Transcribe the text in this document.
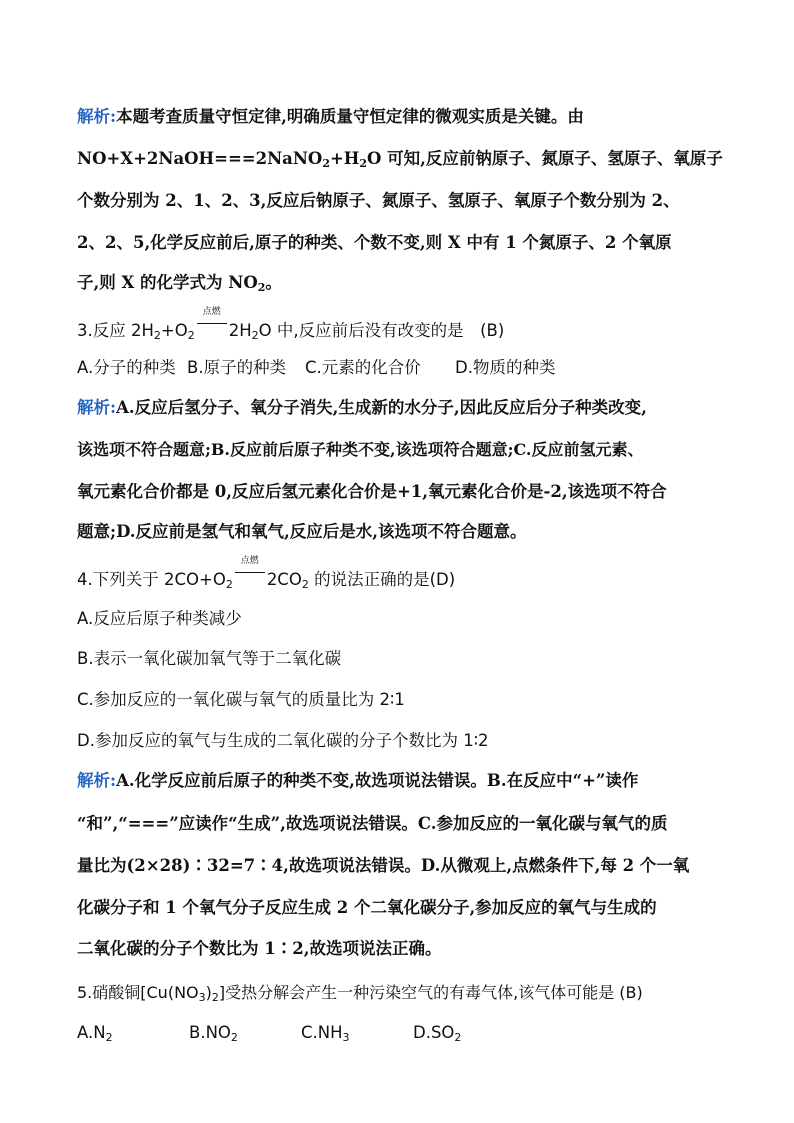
解析:本题考查质量守恒定律,明确质量守恒定律的微观实质是关键。由
$NO+X+2NaOH===2NaNO_2+H_2O$ 可知,反应前钠原子、氮原子、氢原子、氧原子
个数分别为 2、1、2、3,反应后钠原子、氮原子、氢原子、氧原子个数分别为 2、
2、2、5,化学反应前后,原子的种类、个数不变,则 X 中有 1 个氮原子、2 个氧原
子,则 X 的化学式为 $NO_2$。
3.反应 $2H_2+O_2$
点燃
$2H_2O$ 中,反应前后没有改变的是　(B)
A.分子的种类 B.原子的种类 C.元素的化合价 D.物质的种类
解析:A.反应后氢分子、氧分子消失,生成新的水分子,因此反应后分子种类改变,
该选项不符合题意;B.反应前后原子种类不变,该选项符合题意;C.反应前氢元素、
氧元素化合价都是 0,反应后氢元素化合价是+1,氧元素化合价是-2,该选项不符合
题意;D.反应前是氢气和氧气,反应后是水,该选项不符合题意。
4.下列关于 $2CO+O_2$
点燃
$2CO_2$ 的说法正确的是(D)
A.反应后原子种类减少
B.表示一氧化碳加氧气等于二氧化碳
C.参加反应的一氧化碳与氧气的质量比为 2∶1
D.参加反应的氧气与生成的二氧化碳的分子个数比为 1∶2
解析:A.化学反应前后原子的种类不变,故选项说法错误。B.在反应中“+”读作
“和”,“===”应读作“生成”,故选项说法错误。C.参加反应的一氧化碳与氧气的质
量比为(2×28)∶32=7∶4,故选项说法错误。D.从微观上,点燃条件下,每 2 个一氧
化碳分子和 1 个氧气分子反应生成 2 个二氧化碳分子,参加反应的氧气与生成的
二氧化碳的分子个数比为 1∶2,故选项说法正确。
5.硝酸铜$[Cu(NO_3)_2]$受热分解会产生一种污染空气的有毒气体,该气体可能是 (B)
$A.N_2$	$B.NO_2$	$C.NH_3$	$D.SO_2$
